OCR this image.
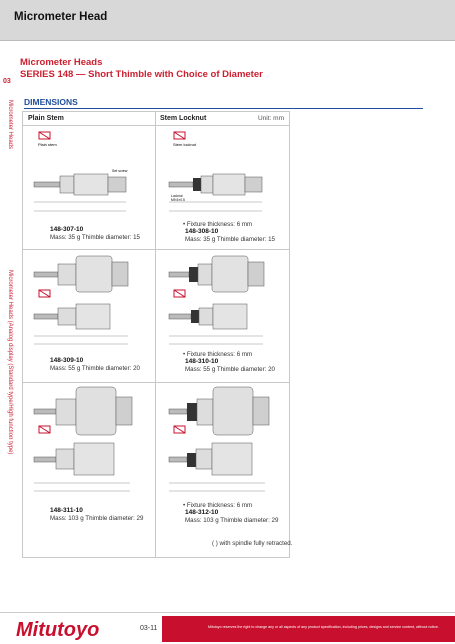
Micrometer Head
Micrometer Heads
SERIES 148 — Short Thimble with Choice of Diameter
03
Micrometer Heads
Micrometer Heads (Analog display (Standard type/High function type)
DIMENSIONS
Plain Stem	Stem Locknut	Unit: mm
Plain stem
Set screw
Stem locknut
Locknut
M9.5×0.5
148-307-10
Mass: 35 g Thimble diameter: 15
• Fixture thickness: 6 mm
148-308-10
Mass: 35 g Thimble diameter: 15
148-309-10
Mass: 55 g Thimble diameter: 20
• Fixture thickness: 6 mm
148-310-10
Mass: 55 g Thimble diameter: 20
148-311-10
Mass: 103 g Thimble diameter: 29
• Fixture thickness: 6 mm
148-312-10
Mass: 103 g Thimble diameter: 29
( ) with spindle fully retracted.
Mitutoyo	03-11	Mitutoyo reserves the right to change any or all aspects of any product specification, including prices, designs and service content, without notice.
